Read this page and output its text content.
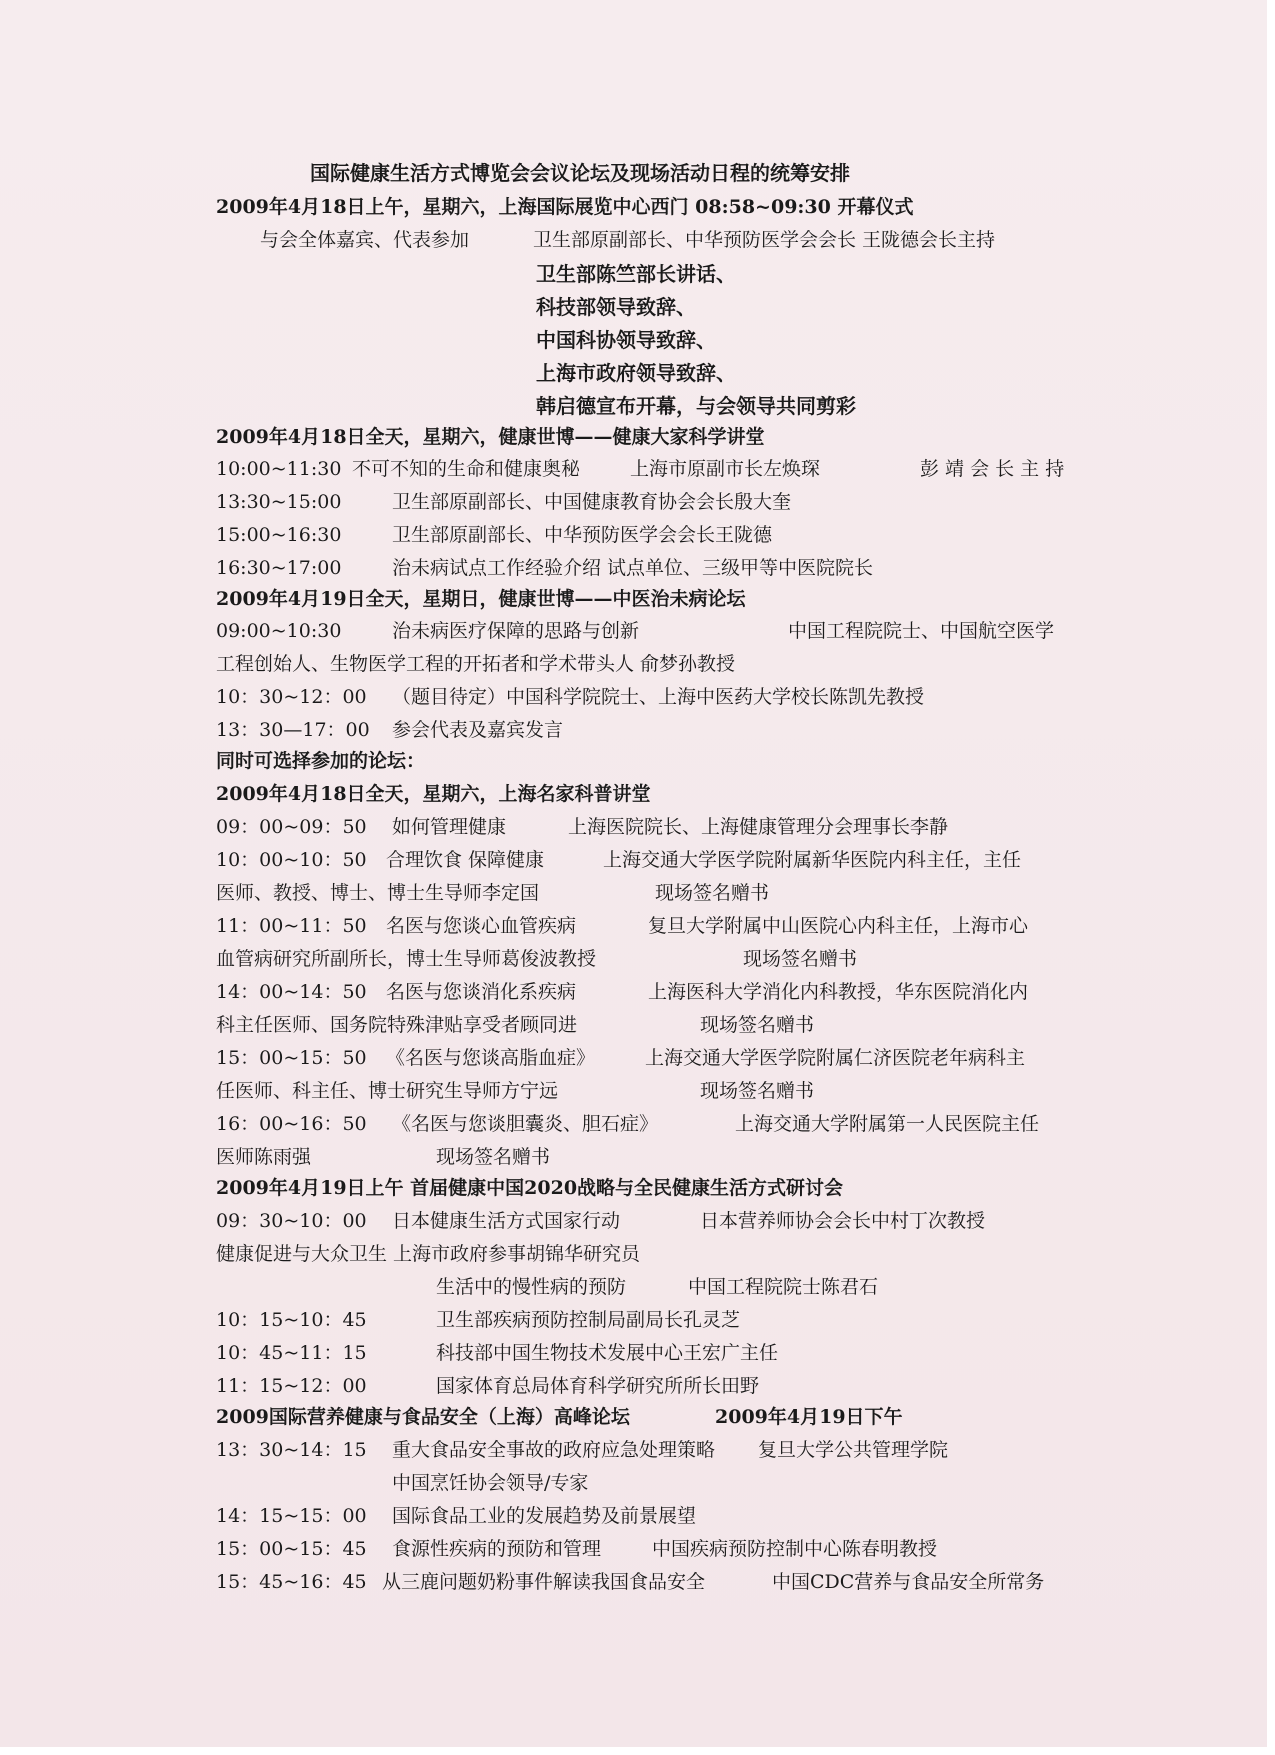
国际健康生活方式博览会会议论坛及现场活动日程的统筹安排
2009年4月18日上午，星期六，上海国际展览中心西门 08:58~09:30 开幕仪式
与会全体嘉宾、代表参加	卫生部原副部长、中华预防医学会会长 王陇德会长主持
卫生部陈竺部长讲话、
科技部领导致辞、
中国科协领导致辞、
上海市政府领导致辞、
韩启德宣布开幕，与会领导共同剪彩
2009年4月18日全天，星期六，健康世博——健康大家科学讲堂
10:00~11:30 不可不知的生命和健康奥秘	上海市原副市长左焕琛	彭 靖 会 长 主 持
13:30~15:00	卫生部原副部长、中国健康教育协会会长殷大奎
15:00~16:30	卫生部原副部长、中华预防医学会会长王陇德
16:30~17:00	治未病试点工作经验介绍 试点单位、三级甲等中医院院长
2009年4月19日全天，星期日，健康世博——中医治未病论坛
09:00~10:30	治未病医疗保障的思路与创新	中国工程院院士、中国航空医学
工程创始人、生物医学工程的开拓者和学术带头人 俞梦孙教授
10：30~12：00 （题目待定）中国科学院院士、上海中医药大学校长陈凯先教授
13：30—17：00 参会代表及嘉宾发言
同时可选择参加的论坛：
2009年4月18日全天，星期六，上海名家科普讲堂
09：00~09：50 如何管理健康	上海医院院长、上海健康管理分会理事长李静
10：00~10：50 合理饮食 保障健康	上海交通大学医学院附属新华医院内科主任，主任
医师、教授、博士、博士生导师李定国	现场签名赠书
11：00~11：50 名医与您谈心血管疾病	复旦大学附属中山医院心内科主任，上海市心
血管病研究所副所长，博士生导师葛俊波教授	现场签名赠书
14：00~14：50 名医与您谈消化系疾病	上海医科大学消化内科教授，华东医院消化内
科主任医师、国务院特殊津贴享受者顾同进	现场签名赠书
15：00~15：50 《名医与您谈高脂血症》	上海交通大学医学院附属仁济医院老年病科主
任医师、科主任、博士研究生导师方宁远	现场签名赠书
16：00~16：50 《名医与您谈胆囊炎、胆石症》	上海交通大学附属第一人民医院主任
医师陈雨强	现场签名赠书
2009年4月19日上午 首届健康中国2020战略与全民健康生活方式研讨会
09：30~10：00 日本健康生活方式国家行动	日本营养师协会会长中村丁次教授
健康促进与大众卫生 上海市政府参事胡锦华研究员
生活中的慢性病的预防	中国工程院院士陈君石
10：15~10：45	卫生部疾病预防控制局副局长孔灵芝
10：45~11：15	科技部中国生物技术发展中心王宏广主任
11：15~12：00	国家体育总局体育科学研究所所长田野
2009国际营养健康与食品安全（上海）高峰论坛	2009年4月19日下午
13：30~14：15 重大食品安全事故的政府应急处理策略 复旦大学公共管理学院
中国烹饪协会领导/专家
14：15~15：00 国际食品工业的发展趋势及前景展望
15：00~15：45 食源性疾病的预防和管理	中国疾病预防控制中心陈春明教授
15：45~16：45 从三鹿问题奶粉事件解读我国食品安全	中国CDC营养与食品安全所常务
